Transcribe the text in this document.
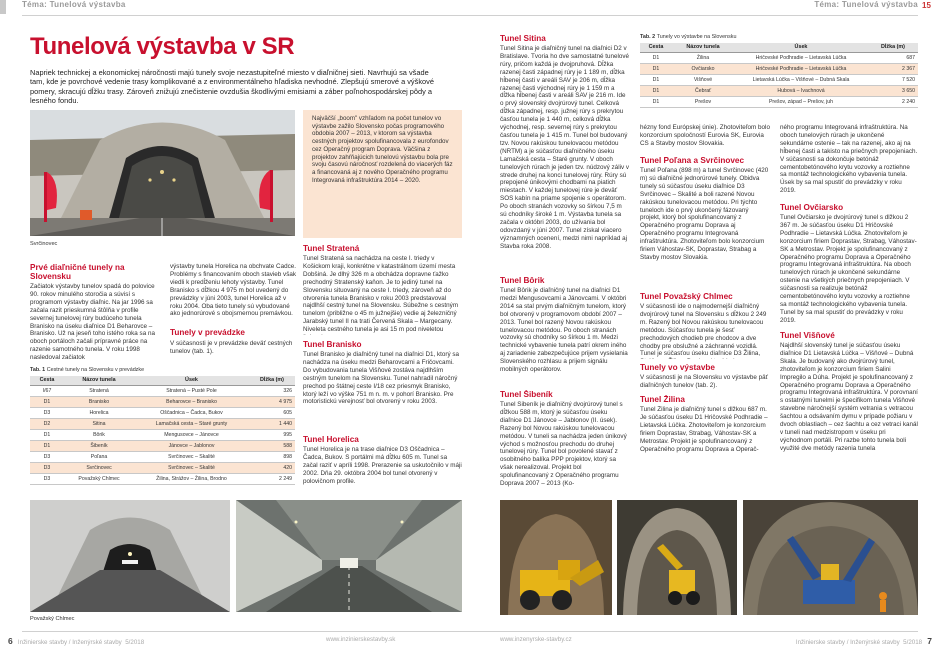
Téma: Tunelová výstavba
Tunelová výstavba v SR
Napriek technickej a ekonomickej náročnosti majú tunely svoje nezastupiteľné miesto v diaľničnej sieti. Navrhujú sa všade tam, kde je povrchové vedenie trasy komplikované a z environmentálneho hľadiska nevhodné. Zlepšujú smerové a výškové pomery, skracujú dĺžku trasy. Zároveň znižujú znečistenie ovzdušia škodlivými emisiami a záber poľnohospodárskej pôdy a lesného fondu.
Svrčinovec
Najväčší „boom" vzhľadom na počet tunelov vo výstavbe zažilo Slovensko počas programového obdobia 2007 – 2013, v ktorom sa výstavba cestných projektov spolufinancovala z eurofondov cez Operačný program Doprava. Väčšina z projektov zahŕňajúcich tunelovú výstavbu bola pre svoju časovú náročnosť rozdelená do viacerých fáz a financovaná aj z nového Operačného programu Integrovaná infraštruktúra 2014 – 2020.
Prvé diaľničné tunely na Slovensku
Začiatok výstavby tunelov spadá do polovice 90. rokov minulého storočia a súvisí s programom výstavby diaľnic. Na jar 1996 sa začala razit prieskumná štôlňa v profile severnej tunelovej rúry budúceho tunela Branisko na úseku diaľnice D1 Beharovce – Branisko. Už na jeseň toho istého roka sa na oboch portáloch začali prípravné práce na razenie samotného tunela. V roku 1998 nasledoval začiatok
výstavby tunela Horelica na obchvate Čadce. Problémy s financovaním oboch stavieb však viedli k predĺženiu lehoty výstavby. Tunel Branisko s dĺžkou 4 975 m bol uvedený do prevádzky v júni 2003, tunel Horelica až v roku 2004. Oba tieto tunely sú vybudované ako jednorúrové s obojsmernou premávkou.
Tunely v prevádzke
V súčasnosti je v prevádzke deväť cestných tunelov (tab. 1).
Tunel Stratená
Tunel Stratená sa nachádza na ceste I. triedy v Košickom kraji, konkrétne v katastrálnom území mesta Dobšiná. Je dlhý 326 m a obchádza dopravne ťažko prechodný Stratenský kaňon. Je to jediný tunel na Slovensku situovaný na ceste I. triedy, zároveň až do otvorenia tunela Branisko v roku 2003 predstavoval najdlhší cestný tunel na Slovensku. Súbežne s cestným tunelom (približne o 45 m južnejšie) vedie aj železničný Jarabský tunel II na trati Červená Skala – Margecany. Niveleta cestného tunela je asi 15 m pod niveletou
Tunel Branisko
Tunel Branisko je diaľničný tunel na diaľnici D1, ktorý sa nachádza na úseku medzi Beharovcami a Fričovcami. Do vybudovania tunela Višňové zostáva najdlhším cestným tunelom na Slovensku. Tunel nahradil náročný prechod po štátnej ceste I/18 cez priesmyk Branisko, ktorý leží vo výške 751 m n. m. v pohorí Branisko. Pre motoristickú verejnosť bol otvorený v roku 2003.
Tunel Horelica
Tunel Horelica je na trase diaľnice D3 Oščadnica – Čadca, Bukov. S portálmi má dĺžku 605 m. Tunel sa začal raziť v apríli 1998. Prerazenie sa uskutočnilo v máji 2002. Dňa 29. októbra 2004 bol tunel otvorený v polovičnom profile.
Tab. 1 Cestné tunely na Slovensku v prevádzke
Cesta	Názov tunela	Úsek	Dĺžka (m)
I/67	Stratená	Stratená – Pusté Pole	326
D1	Branisko	Beharovce – Branisko	4 975
D3	Horelica	Oščadnica – Čadca, Bukov	605
D2	Sitina	Lamačská cesta – Staré grunty	1 440
D1	Bôrik	Mengusovce – Jánovce	995
D1	Šibeník	Jánovce – Jablonov	588
D3	Poľana	Svrčinovec – Skalité	898
D3	Svrčinovec	Svrčinovec – Skalité	420
D3	Považský Chlmec	Žilina, Strážov – Žilina, Brodno	2 249
Považský Chlmec
6 Inžinierske stavby / Inženýrské stavby 5/2018	www.inzinierskestavby.sk
Téma: Tunelová výstavba 15
Tunel Sitina
Tunel Sitina je diaľničný tunel na diaľnici D2 v Bratislave. Tvoria ho dve samostatné tunelové rúry, pričom každá je dvojpruhová. Dĺžka razenej časti západnej rúry je 1 189 m, dĺžka hĺbenej časti v areáli SAV je 206 m, dĺžka razenej časti východnej rúry je 1 159 m a dĺžka hĺbenej časti v areáli SAV je 216 m. Ide o prvý slovenský dvojrúrový tunel. Celková dĺžka západnej, resp. južnej rúry s prekrytou časťou tunela je 1 440 m, celková dĺžka východnej, resp. severnej rúry s prekrytou časťou tunela je 1 415 m. Tunel bol budovaný tzv. Novou rakúskou tunelovacou metódou (NRTM) a je súčasťou diaľničného úseku Lamačská cesta – Staré grunty. V oboch tunelových rúrach je jeden tzv. núdzový záliv v strede druhej na konci tunelovej rúry. Rúry sú prepojené únikovými chodbami na piatich miestach. V každej tunelovej rúre je deväť SOS kabín na priame spojenie s operátorom. Po oboch stranách vozovky so šírkou 7,5 m sú chodníky široké 1 m. Výstavba tunela sa začala v októbri 2003, do užívania bol odovzdaný v júni 2007. Tunel získal viacero významných ocenení, medzi nimi napríklad aj Stavba roka 2008.
Tunel Bôrik
Tunel Bôrik je diaľničný tunel na diaľnici D1 medzi Mengusovcami a Jánovcami. V októbri 2014 sa stal prvým diaľničným tunelom, ktorý bol otvorený v programovom období 2007 – 2013. Tunel bol razený Novou rakúskou tunelovacou metódou. Po oboch stranách vozovky sú chodníky so šírkou 1 m. Medzi technické vybavenie tunela patrí okrem iného aj zariadenie zabezpečujúce prijem vysielania Slovenského rozhlasu a prijem signálu mobilných operátorov.
Tunel Šibeník
Tunel Šibeník je diaľničný dvojrúrový tunel s dĺžkou 588 m, ktorý je súčasťou úseku diaľnice D1 Jánovce – Jablonov (II. úsek). Razený bol Novou rakúskou tunelovacou metódou. V tuneli sa nachádza jeden únikový východ s možnosťou prechodu do druhej tunelovej rúry. Tunel bol povolené stavať z osobitného balíka PPP projektov, ktorý sa však nerealizoval. Projekt bol spolufinancovaný z Operačného programu Doprava 2007 – 2013 (Ko-
Tab. 2 Tunely vo výstavbe na Slovensku
Cesta	Názov tunela	Úsek	Dĺžka (m)
D1	Žilina	Hričovské Podhradie – Lietavská Lúčka	687
D1	Ovčiarsko	Hričovské Podhradie – Lietavská Lúčka	2 367
D1	Višňové	Lietavská Lúčka – Višňové – Dubná Skala	7 520
D1	Čebrať	Hubová – Ivachnová	3 650
D1	Prešov	Prešov, západ – Prešov, juh	2 240
hézny fond Európskej únie). Zhotoviteľom bolo konzorcium spoločností Eurovia SK, Eurovia CS a Stavby mostov Slovakia.
Tunel Poľana a Svrčinovec
Tunel Poľana (898 m) a tunel Svrčinovec (420 m) sú diaľničné jednorúrové tunely. Obidva tunely sú súčasťou úseku diaľnice D3 Svrčinovec – Skalité a boli razené Novou rakúskou tunelovacou metódou. Pri týchto tuneloch ide o prvý ukončený fázovaný projekt, ktorý bol spolufinancovaný z Operačného programu Doprava aj Operačného programu Integrovaná infraštruktúra. Zhotoviteľom bolo konzorcium firiem Váhostav-SK, Doprastav, Strabag a Stavby mostov Slovakia.
Tunel Považský Chlmec
V súčasnosti ide o najmodernejší diaľničný dvojrúrový tunel na Slovensku s dĺžkou 2 249 m. Razený bol Novou rakúskou tunelovacou metódou. Súčasťou tunela je šesť prechodových chodieb pre chodcov a dve chodby pre obslužné a záchranné vozidlá. Tunel je súčasťou úseku diaľnice D3 Žilina,
Tunely vo výstavbe
V súčasnosti je na Slovensku vo výstavbe päť diaľničných tunelov (tab. 2).
Tunel Žilina
Tunel Žilina je diaľničný tunel s dĺžkou 687 m. Je súčasťou úseku D1 Hričovské Podhradie – Lietavská Lúčka. Zhotoviteľom je konzorcium firiem Doprastav, Strabag, Váhostav-SK a Metrostav. Projekt je spolufinancovaný z Operačného programu Doprava a Operač-
ného programu Integrovaná infraštruktúra. Na oboch tunelových rúrach je ukončené sekundárne ostenie – tak na razenej, ako aj na hĺbenej časti a takisto na priečnych prepojeniach. V súčasnosti sa dokončuje betónáž cementobetónového krytu vozovky a roztiehne sa montáž technologického vybavenia tunela. Úsek by sa mal spustiť do prevádzky v roku 2019.
Tunel Ovčiarsko
Tunel Ovčiarsko je dvojrúrový tunel s dĺžkou 2 367 m. Je súčasťou úseku D1 Hričovské Podhradie – Lietavská Lúčka. Zhotoviteľom je konzorcium firiem Doprastav, Strabag, Váhostav-SK a Metrostav. Projekt je spolufinancovaný z Operačného programu Doprava a Operačného programu Integrovaná infraštruktúra. Na oboch tunelových rúrach je ukončené sekundárne ostenie na všetkých priečnych prepojeniach. V súčasnosti sa realizuje betónáž cementobetónového krytu vozovky a roztiehne sa montáž technologického vybavenia tunela. Tunel by sa mal spustiť do prevádzky v roku 2019.
Tunel Višňové
Najdlhší slovenský tunel je súčasťou úseku diaľnice D1 Lietavská Lúčka – Višňové – Dubná Skala. Je budovaný ako dvojrúrový tunel, zhotoviteľom je konzorcium firiem Salini Impregilo a Dúha. Projekt je spolufinancovaný z Operačného programu Doprava a Operačného programu Integrovaná infraštruktúra. V porovnaní s ostatnými tunelmi je špecifikom tunela Višňové stavebne náročnejší systém vetrania s vetracou šachtou a odsávaním dymu v prípade požiaru v dvoch oblastiach – cez šachtu a cez vetraci kanál v tuneli nad medzistropom v úseku pri východnom portáli. Pri razbe tohto tunela boli využité dve metódy razenia tunela
www.inzenyrske-stavby.cz	Inžinierske stavby / Inženýrské stavby 5/2018 7
